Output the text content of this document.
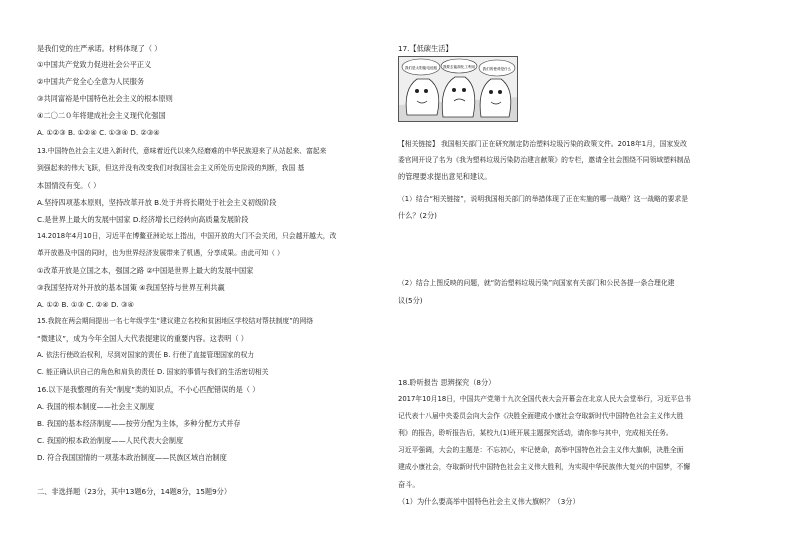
是我们党的庄严承诺。材料体现了（ ）
①中国共产党致力促进社会公平正义
②中国共产党全心全意为人民服务
③共同富裕是中国特色社会主义的根本原则
④二〇二０年将建成社会主义现代化强国
A. ①②③ B. ①②④ C. ①③④ D. ②③④
13.中国特色社会主义进入新时代，意味着近代以来久经磨难的中华民族迎来了从站起来、富起来
到强起来的伟大飞跃，但这并没有改变我们对我国社会主义所处历史阶段的判断，我国 基
本国情没有变。（ ）
A.坚持四项基本原则，坚持改革开放 B.处于并将长期处于社会主义初级阶段
C.是世界上最大的发展中国家 D.经济增长已经转向高质量发展阶段
14.2018年4月10日，习近平在博鳌亚洲论坛上指出，中国开放的大门不会关闭，只会越开越大，改
革开放愚及中国的同时，也为世界经济发展带来了机遇，分享成果。由此可知（ ）
①改革开放是立国之本，强国之路 ②中国是世界上最大的发展中国家
③我国坚持对外开放的基本国策 ④我国坚持与世界互利共赢
A. ①② B. ①③ C. ②④ D. ③④
15.我院在两会期间提出一名七年级学生“建议建立名校和贫困地区学校结对帮扶制度”的网络
“微建议”，成为今年全国人大代表提建议的重要内容。这表明（ ）
A. 依法行使政治权利，尽到对国家的责任 B. 行使了直接管理国家的权力
C. 能正确认识自己的角色和肩负的责任 D. 国家的事情与我们的生活密切相关
16.以下是我整理的有关“制度”类的知识点，不小心匹配错误的是（ ）
A. 我国的根本制度——社会主义制度
B. 我国的基本经济制度——按劳分配为主体，多种分配方式并存
C. 我国的根本政治制度——人民代表大会制度
D. 符合我国国情的一项基本政治制度——民族区域自治制度
二、非选择题（23分，其中13题6分，14题8分，15题9分）
17.【低碳生活】
我们是太阳能电池板 我要去能源化工利用 我们的使命是什么
【相关链接】 我国相关部门正在研究制定防治塑料垃圾污染的政策文件。2018年1月，国家发改
委官网开设了名为《我为塑料垃圾污染防治建言献策》的专栏，邀请全社会围绕不同领域塑料制品
的管理要求提出意见和建议。
（1）结合“相关链接”，说明我国相关部门的举措体现了正在实施的哪一战略？这一战略的要求是
什么？(2分)
（2）结合上图反映的问题，就“防治塑料垃圾污染”向国家有关部门和公民各提一条合理化建
议(5分)
18.聆听报告 思辨探究（8分）
2017年10月18日，中国共产党第十九次全国代表大会开幕会在北京人民大会堂举行，习近平总书
记代表十八届中央委员会向大会作《决胜全面建成小康社会夺取新时代中国特色社会主义伟大胜
利》的报告，聆听报告后，某校九(1)班开展主题探究活动，请你参与其中，完成相关任务。
习近平强调，大会的主题是：不忘初心，牢记使命，高举中国特色社会主义伟大旗帜，决胜全面
建成小康社会，夺取新时代中国特色社会主义伟大胜利，为实现中华民族伟大复兴的中国梦，不懈
奋斗。
（1）为什么要高举中国特色社会主义伟大旗帜？（3分）
